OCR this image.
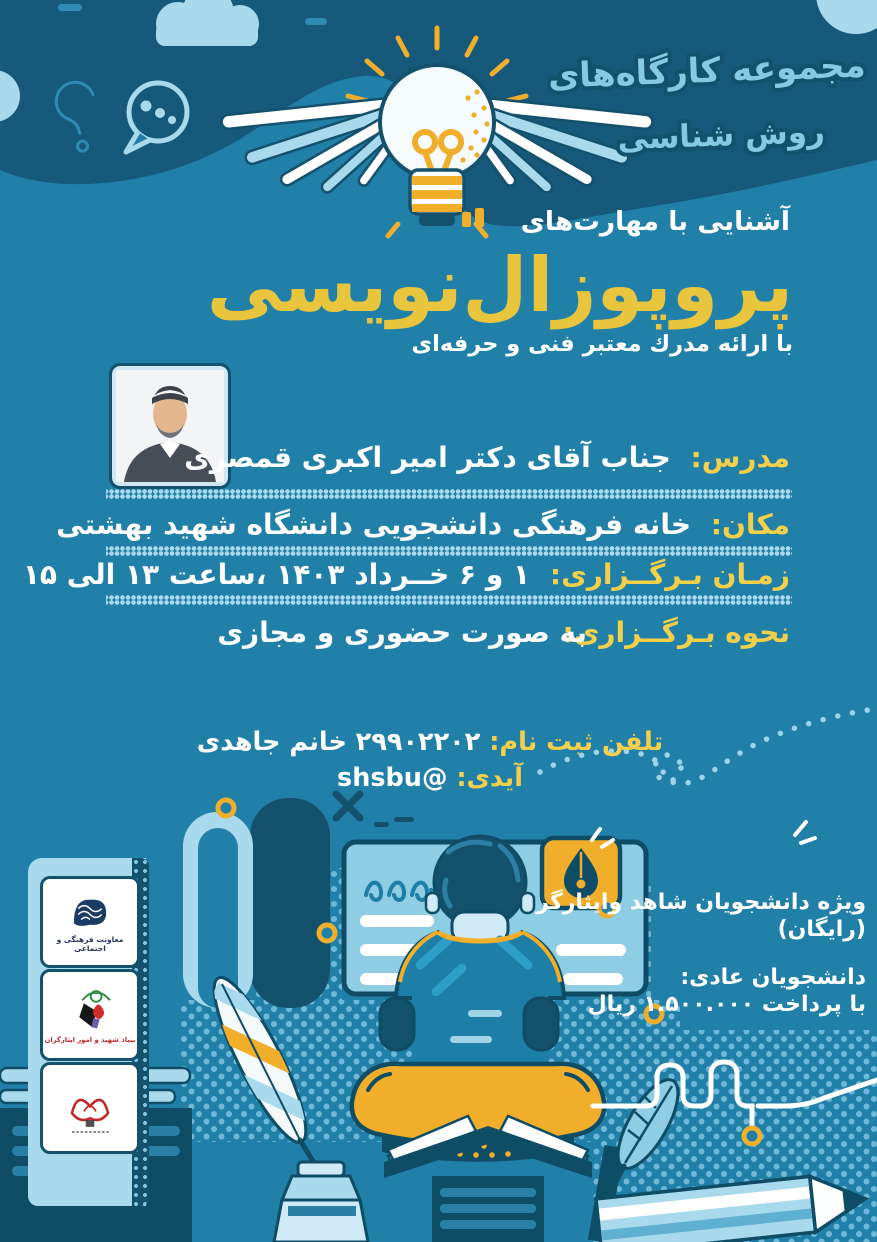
مجموعه کارگاه‌های
روش شناسی
آشنایی با مهارت‌های
پروپوزال‌نویسی
با ارائه مدرك معتبر فنی و حرفه‌ای
مدرس: جناب آقای دکتر امیر اکبری قمصری
مکان: خانه فرهنگی دانشجویی دانشگاه شهید بهشتی
زمـان بـرگــزاری: ۱ و ۶ خــرداد ۱۴۰۳ ،ساعت ۱۳ الی ۱۵
نحوه بـرگــزاری:
به صورت حضوری و مجازی
تلفن ثبت نام: ۲۹۹۰۲۲۰۲ خانم جاهدی
آیدی: @shsbu
ویژه دانشجویان شاهد وایثارگر
(رایگان)
دانشجویان عادی:
با پرداخت ۱.۵۰۰.۰۰۰ ریال
معاونت فرهنگی و اجتماعی
بنیاد شهید و امور ایثارگران
